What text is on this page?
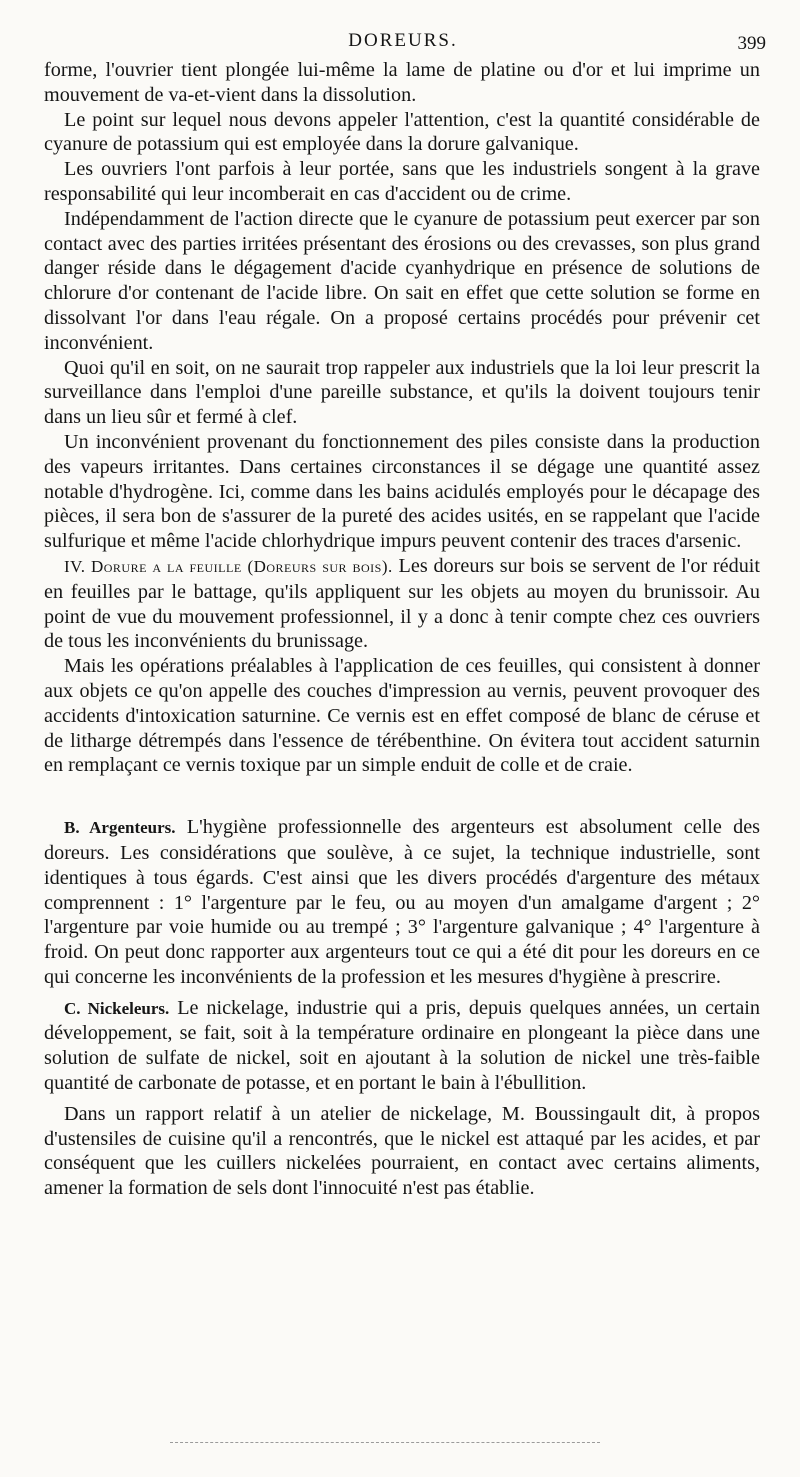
DOREURS.	399

forme, l'ouvrier tient plongée lui-même la lame de platine ou d'or et lui imprime un mouvement de va-et-vient dans la dissolution.

Le point sur lequel nous devons appeler l'attention, c'est la quantité considérable de cyanure de potassium qui est employée dans la dorure galvanique.

Les ouvriers l'ont parfois à leur portée, sans que les industriels songent à la grave responsabilité qui leur incomberait en cas d'accident ou de crime.

Indépendamment de l'action directe que le cyanure de potassium peut exercer par son contact avec des parties irritées présentant des érosions ou des crevasses, son plus grand danger réside dans le dégagement d'acide cyanhydrique en présence de solutions de chlorure d'or contenant de l'acide libre. On sait en effet que cette solution se forme en dissolvant l'or dans l'eau régale. On a proposé certains procédés pour prévenir cet inconvénient.

Quoi qu'il en soit, on ne saurait trop rappeler aux industriels que la loi leur prescrit la surveillance dans l'emploi d'une pareille substance, et qu'ils la doivent toujours tenir dans un lieu sûr et fermé à clef.

Un inconvénient provenant du fonctionnement des piles consiste dans la production des vapeurs irritantes. Dans certaines circonstances il se dégage une quantité assez notable d'hydrogène. Ici, comme dans les bains acidulés employés pour le décapage des pièces, il sera bon de s'assurer de la pureté des acides usités, en se rappelant que l'acide sulfurique et même l'acide chlorhydrique impurs peuvent contenir des traces d'arsenic.

IV. Dorure a la feuille (Doreurs sur bois). Les doreurs sur bois se servent de l'or réduit en feuilles par le battage, qu'ils appliquent sur les objets au moyen du brunissoir. Au point de vue du mouvement professionnel, il y a donc à tenir compte chez ces ouvriers de tous les inconvénients du brunissage.

Mais les opérations préalables à l'application de ces feuilles, qui consistent à donner aux objets ce qu'on appelle des couches d'impression au vernis, peuvent provoquer des accidents d'intoxication saturnine. Ce vernis est en effet composé de blanc de céruse et de litharge détrempés dans l'essence de térébenthine. On évitera tout accident saturnin en remplaçant ce vernis toxique par un simple enduit de colle et de craie.

B. Argenteurs. L'hygiène professionnelle des argenteurs est absolument celle des doreurs. Les considérations que soulève, à ce sujet, la technique industrielle, sont identiques à tous égards. C'est ainsi que les divers procédés d'argenture des métaux comprennent : 1° l'argenture par le feu, ou au moyen d'un amalgame d'argent ; 2° l'argenture par voie humide ou au trempé ; 3° l'argenture galvanique ; 4° l'argenture à froid. On peut donc rapporter aux argenteurs tout ce qui a été dit pour les doreurs en ce qui concerne les inconvénients de la profession et les mesures d'hygiène à prescrire.

C. Nickeleurs. Le nickelage, industrie qui a pris, depuis quelques années, un certain développement, se fait, soit à la température ordinaire en plongeant la pièce dans une solution de sulfate de nickel, soit en ajoutant à la solution de nickel une très-faible quantité de carbonate de potasse, et en portant le bain à l'ébullition.

Dans un rapport relatif à un atelier de nickelage, M. Boussingault dit, à propos d'ustensiles de cuisine qu'il a rencontrés, que le nickel est attaqué par les acides, et par conséquent que les cuillers nickelées pourraient, en contact avec certains aliments, amener la formation de sels dont l'innocuité n'est pas établie.
